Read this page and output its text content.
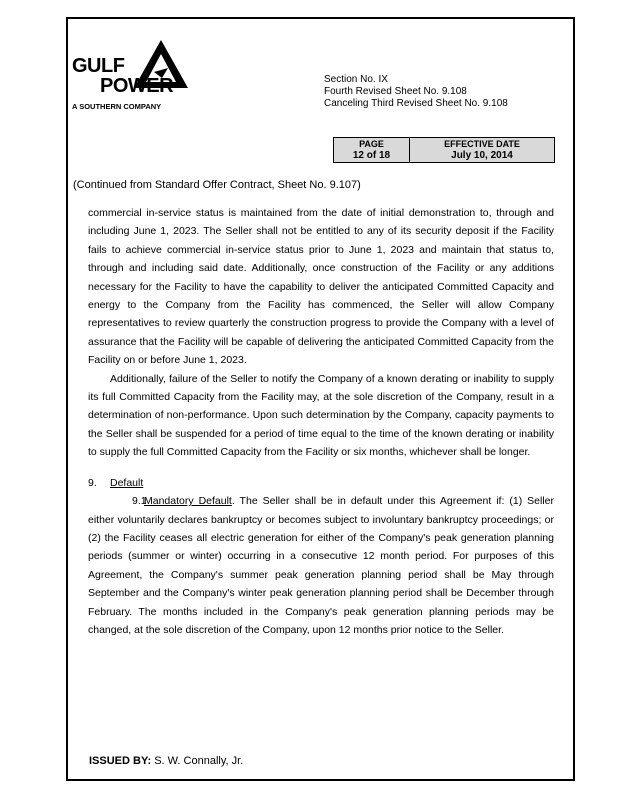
GULF
POWER
A SOUTHERN COMPANY
Section No. IX
Fourth Revised Sheet No. 9.108
Canceling Third Revised Sheet No. 9.108
PAGE
12 of 18
EFFECTIVE DATE
July 10, 2014
(Continued from Standard Offer Contract, Sheet No. 9.107)

commercial in-service status is maintained from the date of initial demonstration to, through and including June 1, 2023. The Seller shall not be entitled to any of its security deposit if the Facility fails to achieve commercial in-service status prior to June 1, 2023 and maintain that status to, through and including said date. Additionally, once construction of the Facility or any additions necessary for the Facility to have the capability to deliver the anticipated Committed Capacity and energy to the Company from the Facility has commenced, the Seller will allow Company representatives to review quarterly the construction progress to provide the Company with a level of assurance that the Facility will be capable of delivering the anticipated Committed Capacity from the Facility on or before June 1, 2023.

Additionally, failure of the Seller to notify the Company of a known derating or inability to supply its full Committed Capacity from the Facility may, at the sole discretion of the Company, result in a determination of non-performance. Upon such determination by the Company, capacity payments to the Seller shall be suspended for a period of time equal to the time of the known derating or inability to supply the full Committed Capacity from the Facility or six months, whichever shall be longer.

9. Default

9.1Mandatory Default. The Seller shall be in default under this Agreement if: (1) Seller either voluntarily declares bankruptcy or becomes subject to involuntary bankruptcy proceedings; or (2) the Facility ceases all electric generation for either of the Company's peak generation planning periods (summer or winter) occurring in a consecutive 12 month period. For purposes of this Agreement, the Company's summer peak generation planning period shall be May through September and the Company's winter peak generation planning period shall be December through February. The months included in the Company's peak generation planning periods may be changed, at the sole discretion of the Company, upon 12 months prior notice to the Seller.

ISSUED BY: S. W. Connally, Jr.
